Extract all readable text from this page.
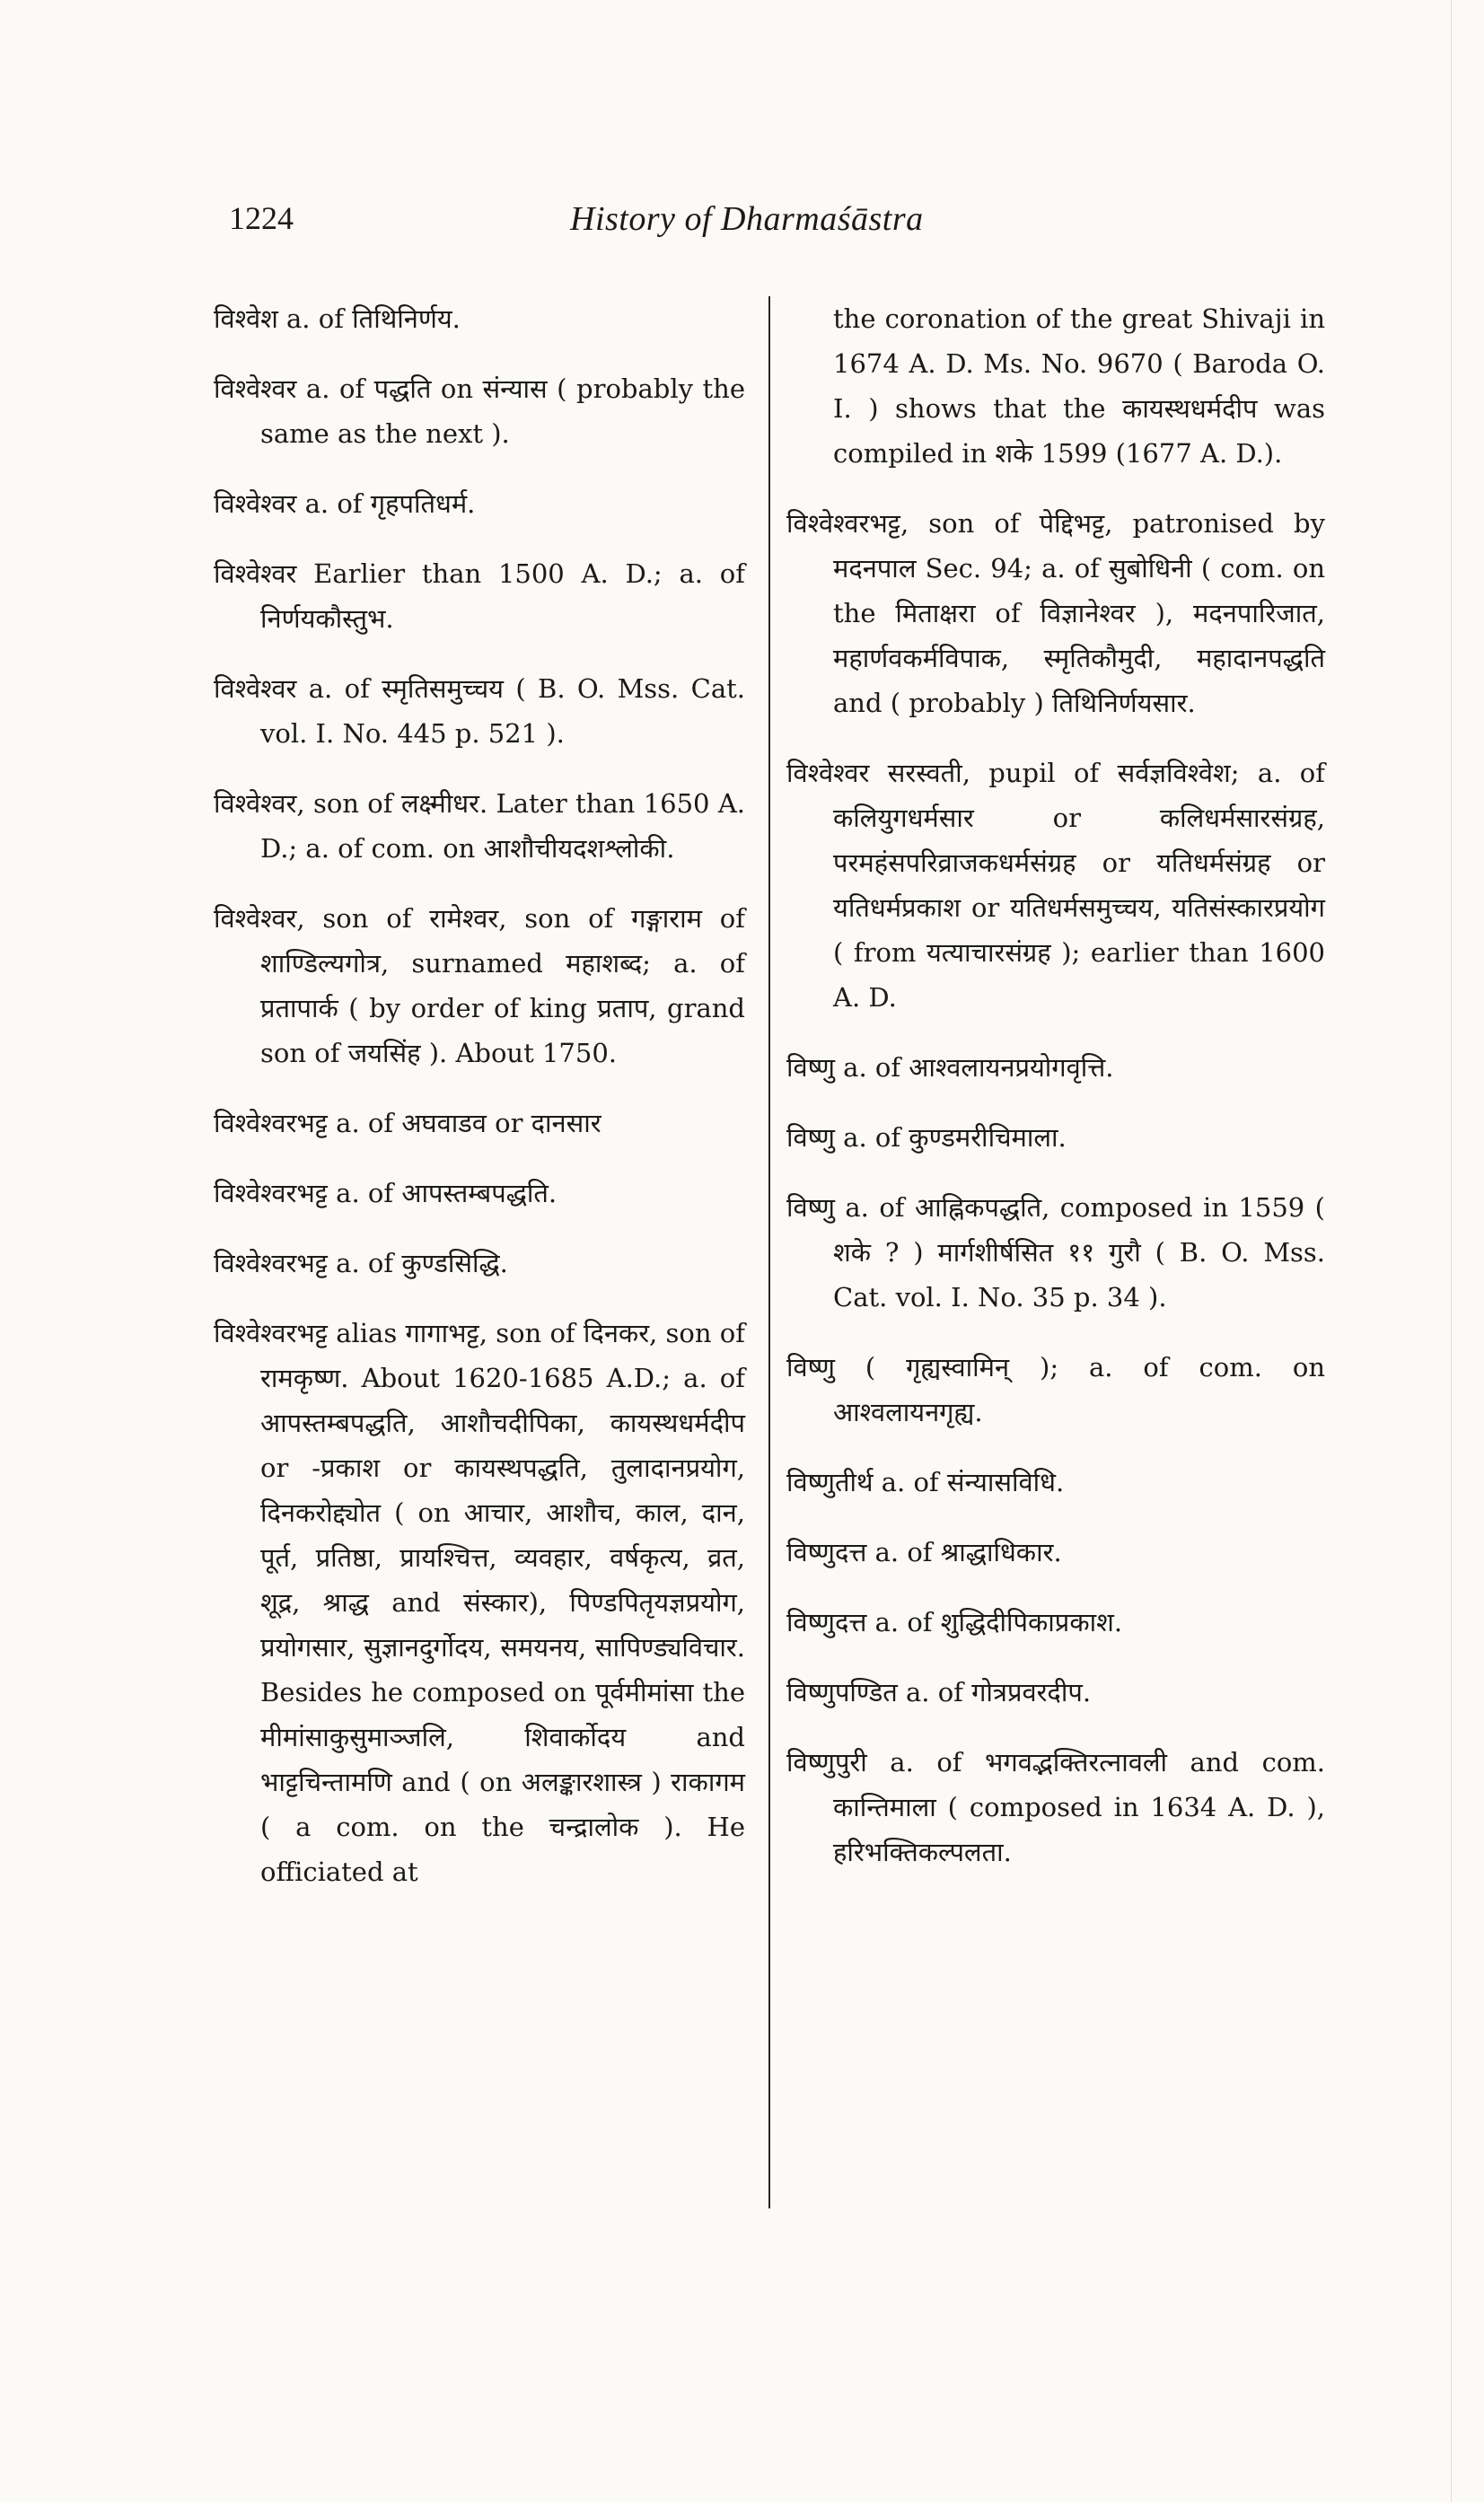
1224	History of Dharmaśāstra

विश्वेश a. of तिथिनिर्णय.

विश्वेश्वर a. of पद्धति on संन्यास ( probably the same as the next ).

विश्वेश्वर a. of गृहपतिधर्म.

विश्वेश्वर Earlier than 1500 A. D.; a. of निर्णयकौस्तुभ.

विश्वेश्वर a. of स्मृतिसमुच्चय ( B. O. Mss. Cat. vol. I. No. 445 p. 521 ).

विश्वेश्वर, son of लक्ष्मीधर. Later than 1650 A. D.; a. of com. on आशौचीयदशश्लोकी.

विश्वेश्वर, son of रामेश्वर, son of गङ्गाराम of शाण्डिल्यगोत्र, surnamed महाशब्द; a. of प्रतापार्क ( by order of king प्रताप, grand son of जयसिंह ). About 1750.

विश्वेश्वरभट्ट a. of अघवाडव or दानसार

विश्वेश्वरभट्ट a. of आपस्तम्बपद्धति.

विश्वेश्वरभट्ट a. of कुण्डसिद्धि.

विश्वेश्वरभट्ट alias गागाभट्ट, son of दिनकर, son of रामकृष्ण. About 1620-1685 A.D.; a. of आपस्तम्बपद्धति, आशौचदीपिका, कायस्थधर्मदीप or -प्रकाश or कायस्थपद्धति, तुलादानप्रयोग, दिनकरोद्द्योत ( on आचार, आशौच, काल, दान, पूर्त, प्रतिष्ठा, प्रायश्चित्त, व्यवहार, वर्षकृत्य, व्रत, शूद्र, श्राद्ध and संस्कार), पिण्डपितृयज्ञप्रयोग, प्रयोगसार, सुज्ञानदुर्गोदय, समयनय, सापिण्ड्यविचार. Besides he composed on पूर्वमीमांसा the मीमांसाकुसुमाञ्जलि, शिवार्कोदय and भाट्टचिन्तामणि and ( on अलङ्कारशास्त्र ) राकागम ( a com. on the चन्द्रालोक ). He officiated at

the coronation of the great Shivaji in 1674 A. D. Ms. No. 9670 ( Baroda O. I. ) shows that the कायस्थधर्मदीप was compiled in शके 1599 (1677 A. D.).

विश्वेश्वरभट्ट, son of पेद्दिभट्ट, patronised by मदनपाल Sec. 94; a. of सुबोधिनी ( com. on the मिताक्षरा of विज्ञानेश्वर ), मदनपारिजात, महार्णवकर्मविपाक, स्मृतिकौमुदी, महादानपद्धति and ( probably ) तिथिनिर्णयसार.

विश्वेश्वर सरस्वती, pupil of सर्वज्ञविश्वेश; a. of कलियुगधर्मसार or कलिधर्मसारसंग्रह, परमहंसपरिव्राजकधर्मसंग्रह or यतिधर्मसंग्रह or यतिधर्मप्रकाश or यतिधर्मसमुच्चय, यतिसंस्कारप्रयोग ( from यत्याचारसंग्रह ); earlier than 1600 A. D.

विष्णु a. of आश्वलायनप्रयोगवृत्ति.

विष्णु a. of कुण्डमरीचिमाला.

विष्णु a. of आह्निकपद्धति, composed in 1559 ( शके ? ) मार्गशीर्षसित ११ गुरौ ( B. O. Mss. Cat. vol. I. No. 35 p. 34 ).

विष्णु ( गृह्यस्वामिन् ); a. of com. on आश्वलायनगृह्य.

विष्णुतीर्थ a. of संन्यासविधि.

विष्णुदत्त a. of श्राद्धाधिकार.

विष्णुदत्त a. of शुद्धिदीपिकाप्रकाश.

विष्णुपण्डित a. of गोत्रप्रवरदीप.

विष्णुपुरी a. of भगवद्भक्तिरत्नावली and com. कान्तिमाला ( composed in 1634 A. D. ), हरिभक्तिकल्पलता.
